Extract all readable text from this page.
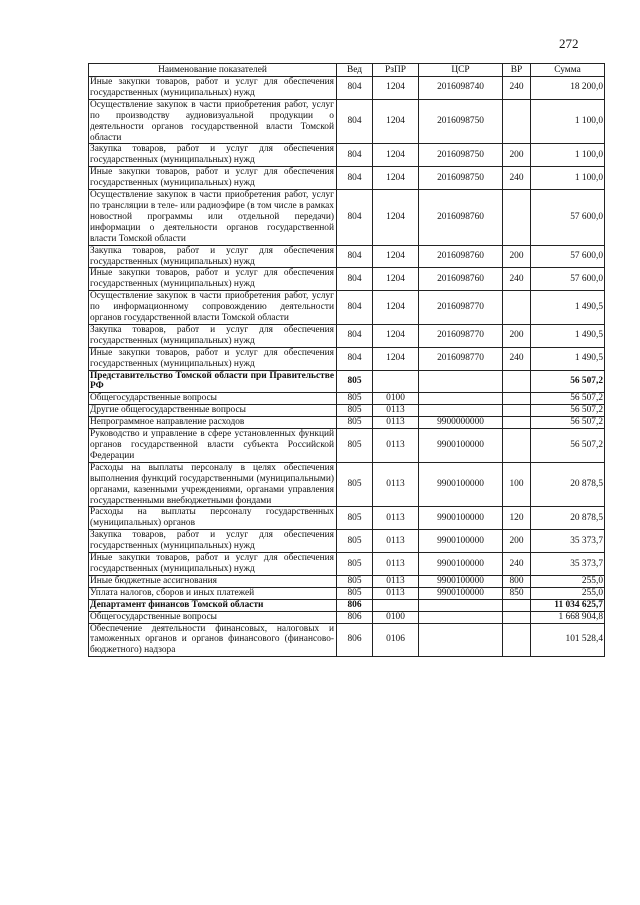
272
Наименование показателей	Вед	РзПР	ЦСР	ВР	Сумма
Иные закупки товаров, работ и услуг для обеспечения государственных (муниципальных) нужд	804	1204	2016098740	240	18 200,0
Осуществление закупок в части приобретения работ, услуг по производству аудиовизуальной продукции о деятельности органов государственной власти Томской области	804	1204	2016098750		1 100,0
Закупка товаров, работ и услуг для обеспечения государственных (муниципальных) нужд	804	1204	2016098750	200	1 100,0
Иные закупки товаров, работ и услуг для обеспечения государственных (муниципальных) нужд	804	1204	2016098750	240	1 100,0
Осуществление закупок в части приобретения работ, услуг по трансляции в теле- или радиоэфире (в том числе в рамках новостной программы или отдельной передачи) информации о деятельности органов государственной власти Томской области	804	1204	2016098760		57 600,0
Закупка товаров, работ и услуг для обеспечения государственных (муниципальных) нужд	804	1204	2016098760	200	57 600,0
Иные закупки товаров, работ и услуг для обеспечения государственных (муниципальных) нужд	804	1204	2016098760	240	57 600,0
Осуществление закупок в части приобретения работ, услуг по информационному сопровождению деятельности органов государственной власти Томской области	804	1204	2016098770		1 490,5
Закупка товаров, работ и услуг для обеспечения государственных (муниципальных) нужд	804	1204	2016098770	200	1 490,5
Иные закупки товаров, работ и услуг для обеспечения государственных (муниципальных) нужд	804	1204	2016098770	240	1 490,5
Представительство Томской области при Правительстве РФ	805				56 507,2
Общегосударственные вопросы	805	0100			56 507,2
Другие общегосударственные вопросы	805	0113			56 507,2
Непрограммное направление расходов	805	0113	9900000000		56 507,2
Руководство и управление в сфере установленных функций органов государственной власти субъекта Российской Федерации	805	0113	9900100000		56 507,2
Расходы на выплаты персоналу в целях обеспечения выполнения функций государственными (муниципальными) органами, казенными учреждениями, органами управления государственными внебюджетными фондами	805	0113	9900100000	100	20 878,5
Расходы на выплаты персоналу государственных (муниципальных) органов	805	0113	9900100000	120	20 878,5
Закупка товаров, работ и услуг для обеспечения государственных (муниципальных) нужд	805	0113	9900100000	200	35 373,7
Иные закупки товаров, работ и услуг для обеспечения государственных (муниципальных) нужд	805	0113	9900100000	240	35 373,7
Иные бюджетные ассигнования	805	0113	9900100000	800	255,0
Уплата налогов, сборов и иных платежей	805	0113	9900100000	850	255,0
Департамент финансов Томской области	806				11 034 625,7
Общегосударственные вопросы	806	0100			1 668 904,8
Обеспечение деятельности финансовых, налоговых и таможенных органов и органов финансового (финансово-бюджетного) надзора	806	0106			101 528,4
